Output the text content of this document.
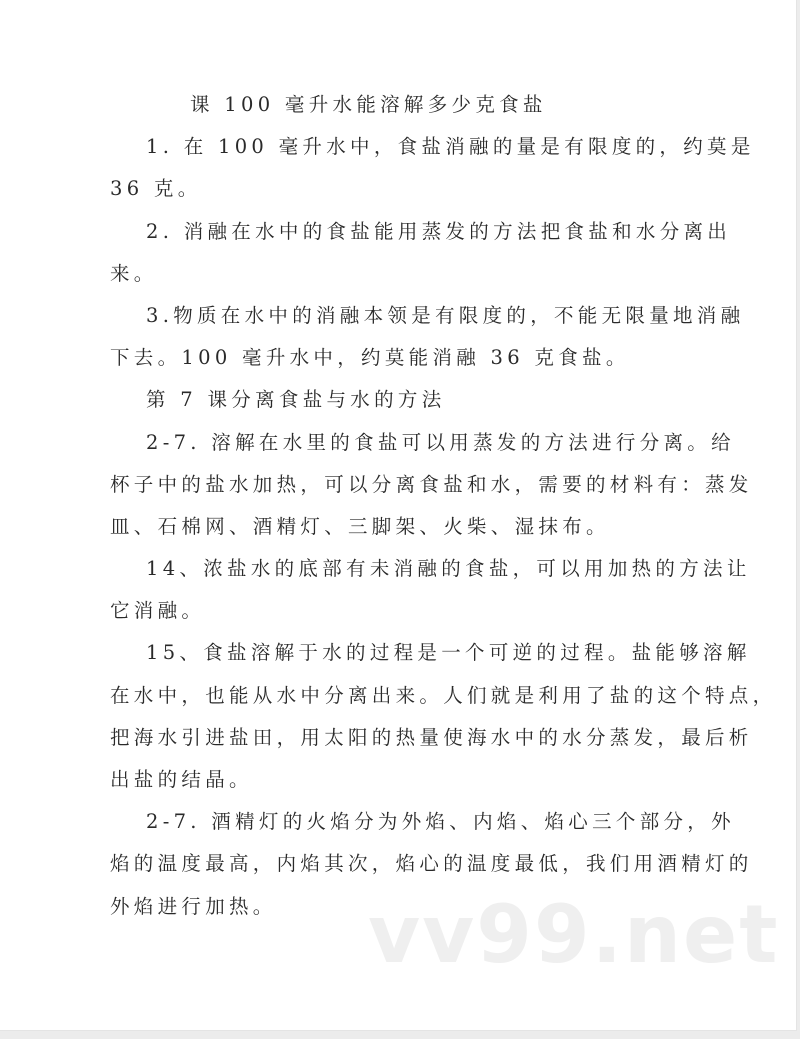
课 100 毫升水能溶解多少克食盐
1. 在 100 毫升水中，食盐消融的量是有限度的，约莫是
36 克。
2. 消融在水中的食盐能用蒸发的方法把食盐和水分离出
来。
3.物质在水中的消融本领是有限度的，不能无限量地消融
下去。100 毫升水中，约莫能消融 36 克食盐。
第 7 课分离食盐与水的方法
2-7. 溶解在水里的食盐可以用蒸发的方法进行分离。给
杯子中的盐水加热，可以分离食盐和水，需要的材料有：蒸发
皿、石棉网、酒精灯、三脚架、火柴、湿抹布。
14、浓盐水的底部有未消融的食盐，可以用加热的方法让
它消融。
15、食盐溶解于水的过程是一个可逆的过程。盐能够溶解
在水中，也能从水中分离出来。人们就是利用了盐的这个特点，
把海水引进盐田，用太阳的热量使海水中的水分蒸发，最后析
出盐的结晶。
2-7. 酒精灯的火焰分为外焰、内焰、焰心三个部分，外
焰的温度最高，内焰其次，焰心的温度最低，我们用酒精灯的
外焰进行加热。	vv99.net
